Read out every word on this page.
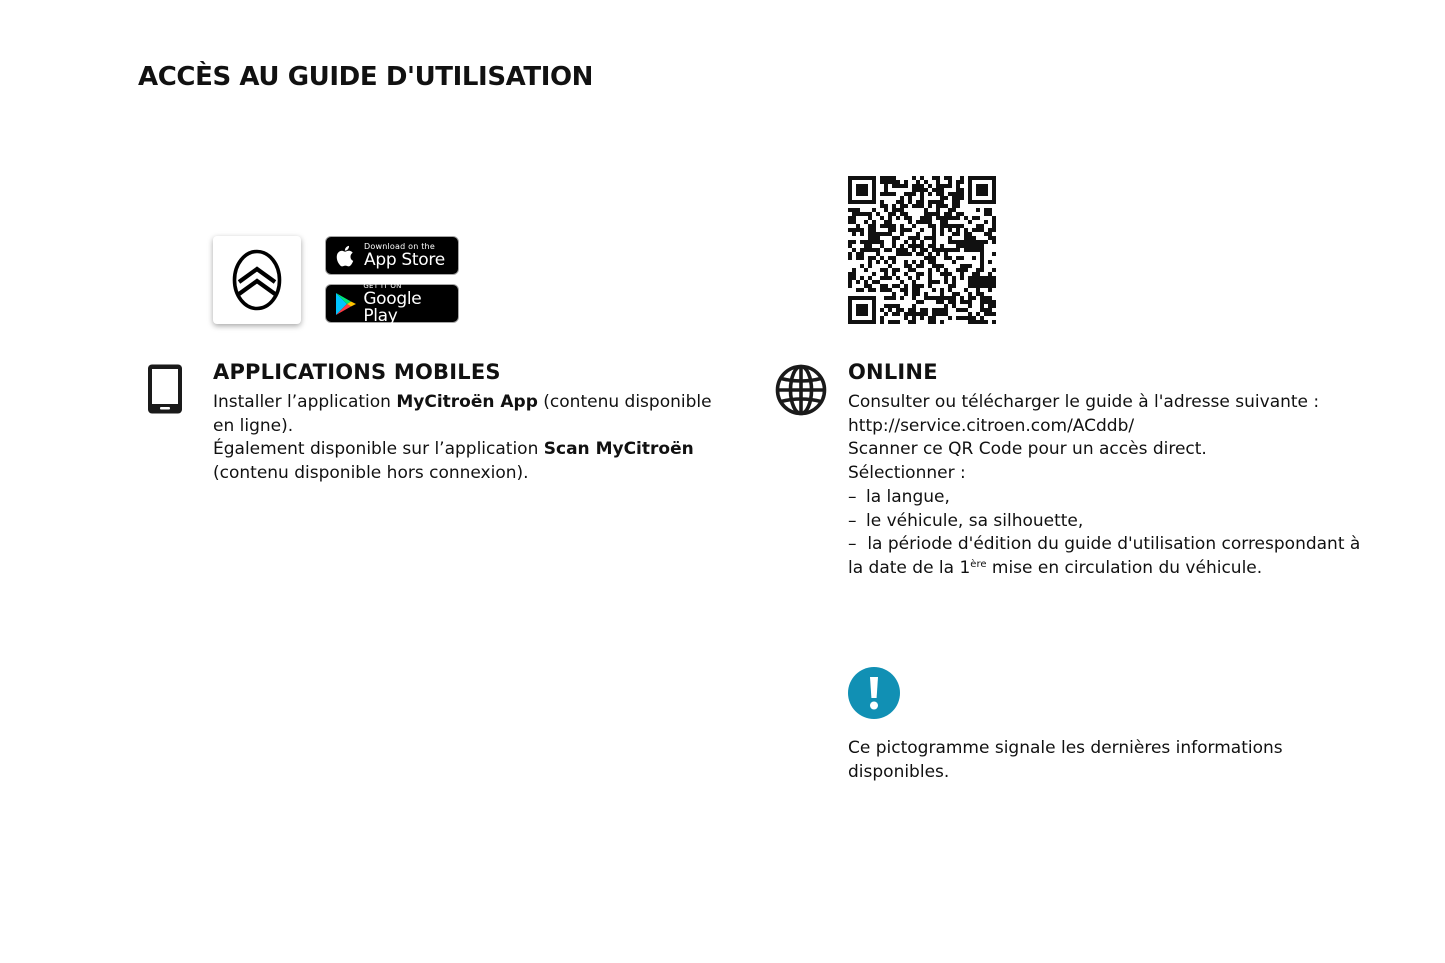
ACCÈS AU GUIDE D'UTILISATION
Download on the
App Store
GET IT ON
Google Play
APPLICATIONS MOBILES

Installer l’application MyCitroën App (contenu disponible en ligne).

Également disponible sur l’application Scan MyCitroën (contenu disponible hors connexion).

ONLINE

Consulter ou télécharger le guide à l'adresse suivante :

http://service.citroen.com/ACddb/

Scanner ce QR Code pour un accès direct.

Sélectionner :

– la langue,
– le véhicule, sa silhouette,

–  la période d'édition du guide d'utilisation correspondant à la date de la 1ère mise en circulation du véhicule.

Ce pictogramme signale les dernières informations disponibles.
